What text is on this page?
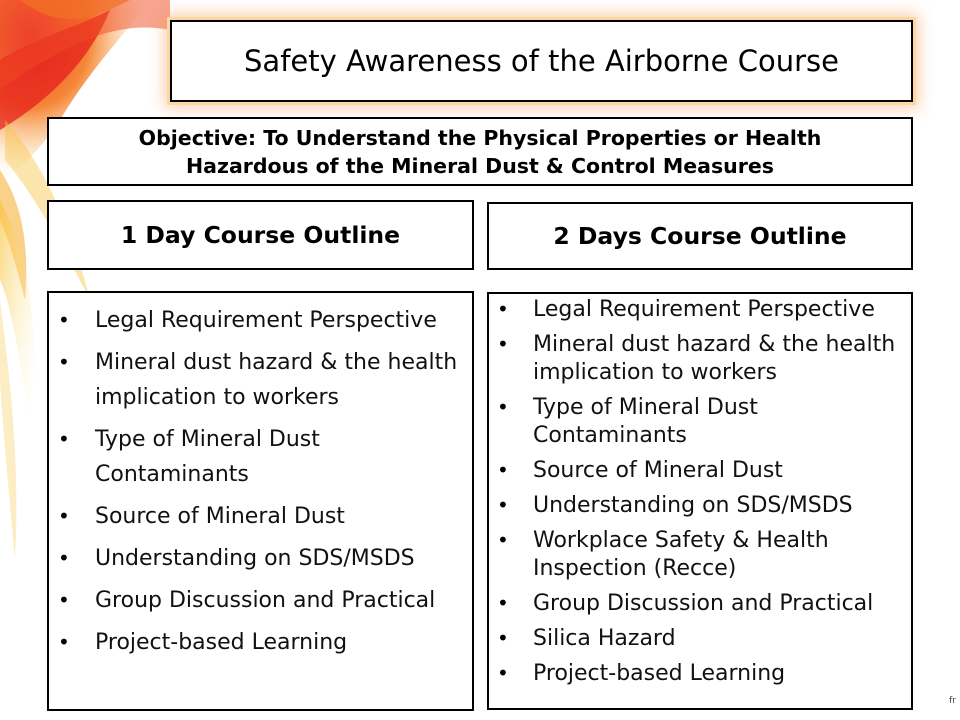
Safety Awareness of the Airborne Course
Objective: To Understand the Physical Properties or Health
Hazardous of the Mineral Dust & Control Measures
1 Day Course Outline	2 Days Course Outline
• Legal Requirement Perspective
• Mineral dust hazard & the health implication to workers
• Type of Mineral Dust Contaminants
• Source of Mineral Dust
• Understanding on SDS/MSDS
• Group Discussion and Practical
• Project-based Learning
• Legal Requirement Perspective
• Mineral dust hazard & the health implication to workers
• Type of Mineral Dust Contaminants
• Source of Mineral Dust
• Understanding on SDS/MSDS
• Workplace Safety & Health Inspection (Recce)
• Group Discussion and Practical
• Silica Hazard
• Project-based Learning
fr
